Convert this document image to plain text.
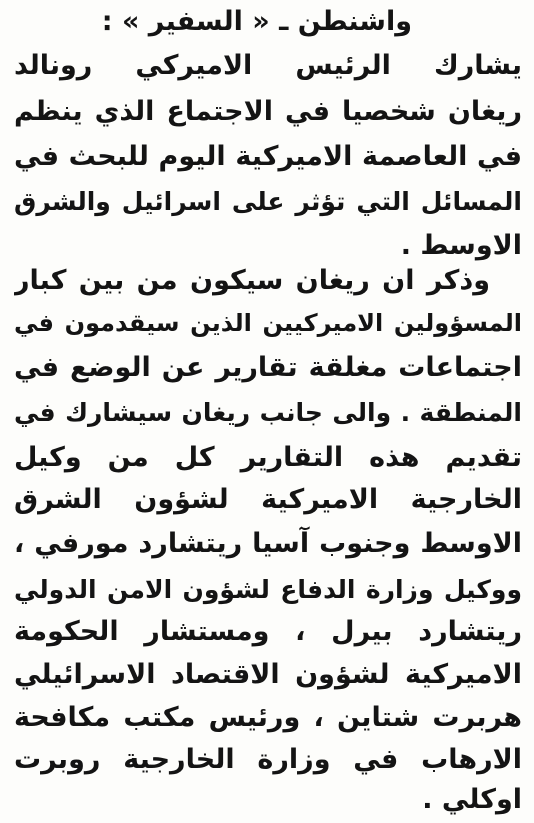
واشنطن ـ « السفير » :
يشارك الرئيس الاميركي رونالد
ريغان شخصيا في الاجتماع الذي ينظم
في العاصمة الاميركية اليوم للبحث في
المسائل التي تؤثر على اسرائيل والشرق
الاوسط .
وذكر ان ريغان سيكون من بين كبار
المسؤولين الاميركيين الذين سيقدمون في
اجتماعات مغلقة تقارير عن الوضع في
المنطقة . والى جانب ريغان سيشارك في
تقديم هذه التقارير كل من وكيل
الخارجية الاميركية لشؤون الشرق
الاوسط وجنوب آسيا ريتشارد مورفي ،
ووكيل وزارة الدفاع لشؤون الامن الدولي
ريتشارد بيرل ، ومستشار الحكومة
الاميركية لشؤون الاقتصاد الاسرائيلي
هربرت شتاين ، ورئيس مكتب مكافحة
الارهاب في وزارة الخارجية روبرت
اوكلي .
